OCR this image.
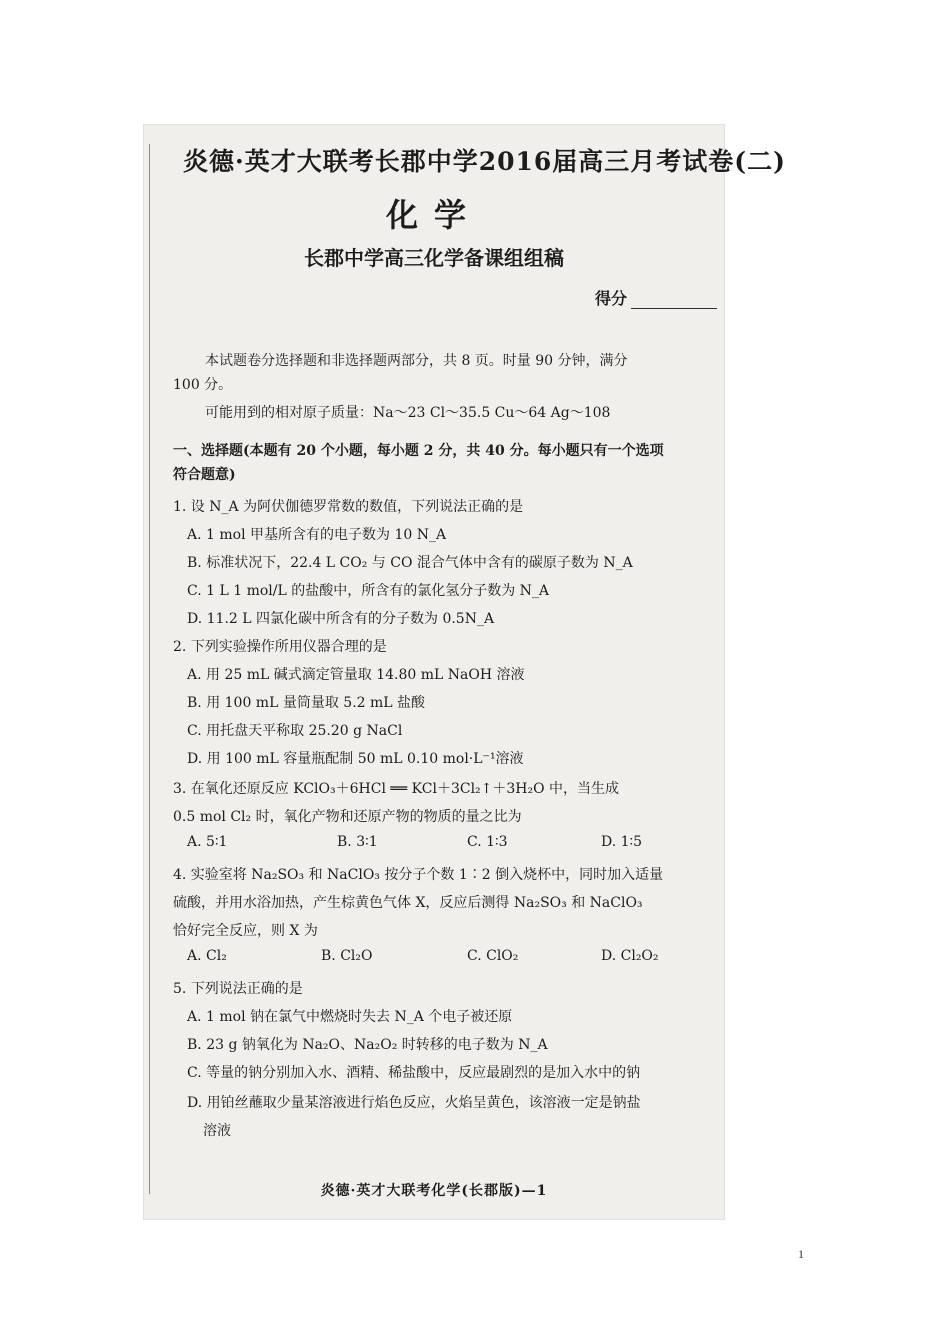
炎德·英才大联考长郡中学2016届高三月考试卷(二)
化学
长郡中学高三化学备课组组稿
得分
本试题卷分选择题和非选择题两部分，共 8 页。时量 90 分钟，满分
100 分。
可能用到的相对原子质量：Na～23 Cl～35.5 Cu～64 Ag～108
一、选择题(本题有 20 个小题，每小题 2 分，共 40 分。每小题只有一个选项
符合题意)
1. 设 N_A 为阿伏伽德罗常数的数值，下列说法正确的是
A. 1 mol 甲基所含有的电子数为 10 N_A
B. 标准状况下，22.4 L CO₂ 与 CO 混合气体中含有的碳原子数为 N_A
C. 1 L 1 mol/L 的盐酸中，所含有的氯化氢分子数为 N_A
D. 11.2 L 四氯化碳中所含有的分子数为 0.5N_A
2. 下列实验操作所用仪器合理的是
A. 用 25 mL 碱式滴定管量取 14.80 mL NaOH 溶液
B. 用 100 mL 量筒量取 5.2 mL 盐酸
C. 用托盘天平称取 25.20 g NaCl
D. 用 100 mL 容量瓶配制 50 mL 0.10 mol·L⁻¹溶液
3. 在氧化还原反应 KClO₃＋6HCl ══ KCl＋3Cl₂↑＋3H₂O 中，当生成
0.5 mol Cl₂ 时，氧化产物和还原产物的物质的量之比为
A. 5∶1	B. 3∶1	C. 1∶3	D. 1∶5
4. 实验室将 Na₂SO₃ 和 NaClO₃ 按分子个数 1∶2 倒入烧杯中，同时加入适量
硫酸，并用水浴加热，产生棕黄色气体 X，反应后测得 Na₂SO₃ 和 NaClO₃
恰好完全反应，则 X 为
A. Cl₂	B. Cl₂O	C. ClO₂	D. Cl₂O₂
5. 下列说法正确的是
A. 1 mol 钠在氯气中燃烧时失去 N_A 个电子被还原
B. 23 g 钠氧化为 Na₂O、Na₂O₂ 时转移的电子数为 N_A
C. 等量的钠分别加入水、酒精、稀盐酸中，反应最剧烈的是加入水中的钠
D. 用铂丝蘸取少量某溶液进行焰色反应，火焰呈黄色，该溶液一定是钠盐
溶液
炎德·英才大联考化学(长郡版)—1
1
